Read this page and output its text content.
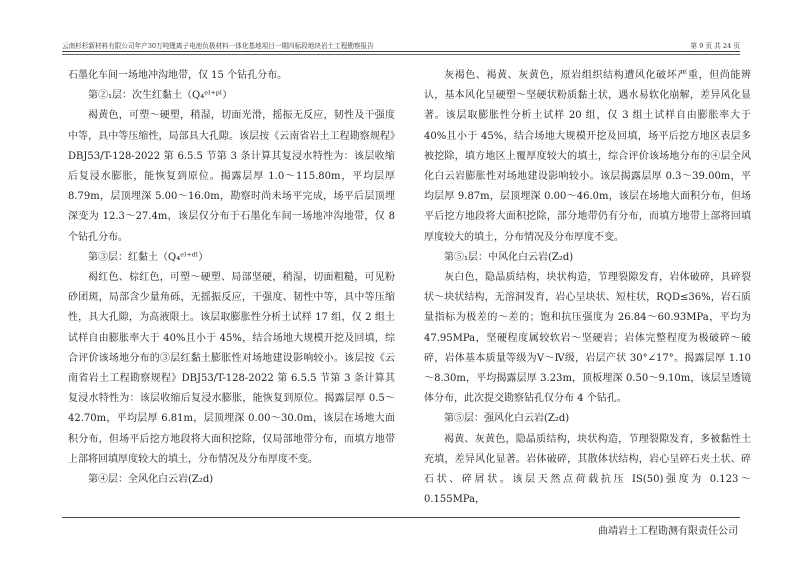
云南杉杉新材料有限公司年产30万吨锂离子电池负极材料一体化基地项目一期四标段地块岩土工程勘察报告	第 9 页 共 24 页

石墨化车间一场地冲沟地带，仅 15 个钻孔分布。

第②₁层：次生红黏土（Q₄ᵉˡ⁺ᵖˡ）

褐黄色，可塑～硬塑，稍湿，切面光滑，摇振无反应，韧性及干强度中等，具中等压缩性，局部具大孔隙。该层按《云南省岩土工程勘察规程》DBJ53/T-128-2022 第 6.5.5 节第 3 条计算其复浸水特性为：该层收缩后复浸水膨胀，能恢复到原位。揭露层厚 1.0～115.80m，平均层厚 8.79m，层顶埋深 5.00～16.0m，勘察时尚未场平完成，场平后层顶埋深变为 12.3～27.4m，该层仅分布于石墨化车间一场地冲沟地带，仅 8 个钻孔分布。

第③层：红黏土（Q₄ᵉˡ⁺ᵈˡ）

褐红色、棕红色，可塑～硬塑、局部坚硬，稍湿，切面粗糙，可见粉砂团斑，局部含少量角砾，无摇振反应，干强度、韧性中等，具中等压缩性，具大孔隙，为高液限土。该层取膨胀性分析土试样 17 组，仅 2 组土试样自由膨胀率大于 40%且小于 45%，结合场地大规模开挖及回填，综合评价该场地分布的③层红黏土膨胀性对场地建设影响较小。该层按《云南省岩土工程勘察规程》DBJ53/T-128-2022 第 6.5.5 节第 3 条计算其复浸水特性为：该层收缩后复浸水膨胀，能恢复到原位。揭露层厚 0.5～42.70m，平均层厚 6.81m，层顶埋深 0.00～30.0m，该层在场地大面积分布，但场平后挖方地段将大面积挖除，仅局部地带分布，而填方地带上部将回填厚度较大的填土，分布情况及分布厚度不变。

第④层：全风化白云岩(Z₂d)

灰褐色、褐黄、灰黄色，原岩组织结构遭风化破坏严重，但尚能辨认，基本风化呈硬塑～坚硬状粉质黏土状，遇水易软化崩解，差异风化显著。该层取膨胀性分析土试样 20 组，仅 3 组土试样自由膨胀率大于 40%且小于 45%，结合场地大规模开挖及回填，场平后挖方地区表层多被挖除，填方地区上覆厚度较大的填土，综合评价该场地分布的④层全风化白云岩膨胀性对场地建设影响较小。该层揭露层厚 0.3～39.00m，平均层厚 9.87m，层顶埋深 0.00～46.0m，该层在场地大面积分布，但场平后挖方地段将大面积挖除，部分地带仍有分布，而填方地带上部将回填厚度较大的填土，分布情况及分布厚度不变。

第⑤₁层：中风化白云岩(Z₂d)

灰白色，隐晶质结构，块状构造，节理裂隙发育，岩体破碎，具碎裂状～块状结构，无溶洞发育，岩心呈块状、短柱状，RQD≤36%，岩石质量指标为极差的～差的；饱和抗压强度为 26.84～60.93MPa，平均为 47.95MPa，坚硬程度属较软岩～坚硬岩；岩体完整程度为极破碎～破碎，岩体基本质量等级为Ⅴ～Ⅳ级，岩层产状 30°∠17°。揭露层厚 1.10～8.30m，平均揭露层厚 3.23m，顶板埋深 0.50～9.10m，该层呈透镜体分布，此次提交勘察钻孔仅分布 4 个钻孔。

第⑤层：强风化白云岩(Z₂d)

褐黄、灰黄色，隐晶质结构，块状构造，节理裂隙发育，多被黏性土充填，差异风化显著。岩体破碎，其散体状结构，岩心呈碎石夹土状、碎石状、碎屑状。该层天然点荷载抗压 IS(50)强度为 0.123～0.155MPa，

曲靖岩土工程勘测有限责任公司
